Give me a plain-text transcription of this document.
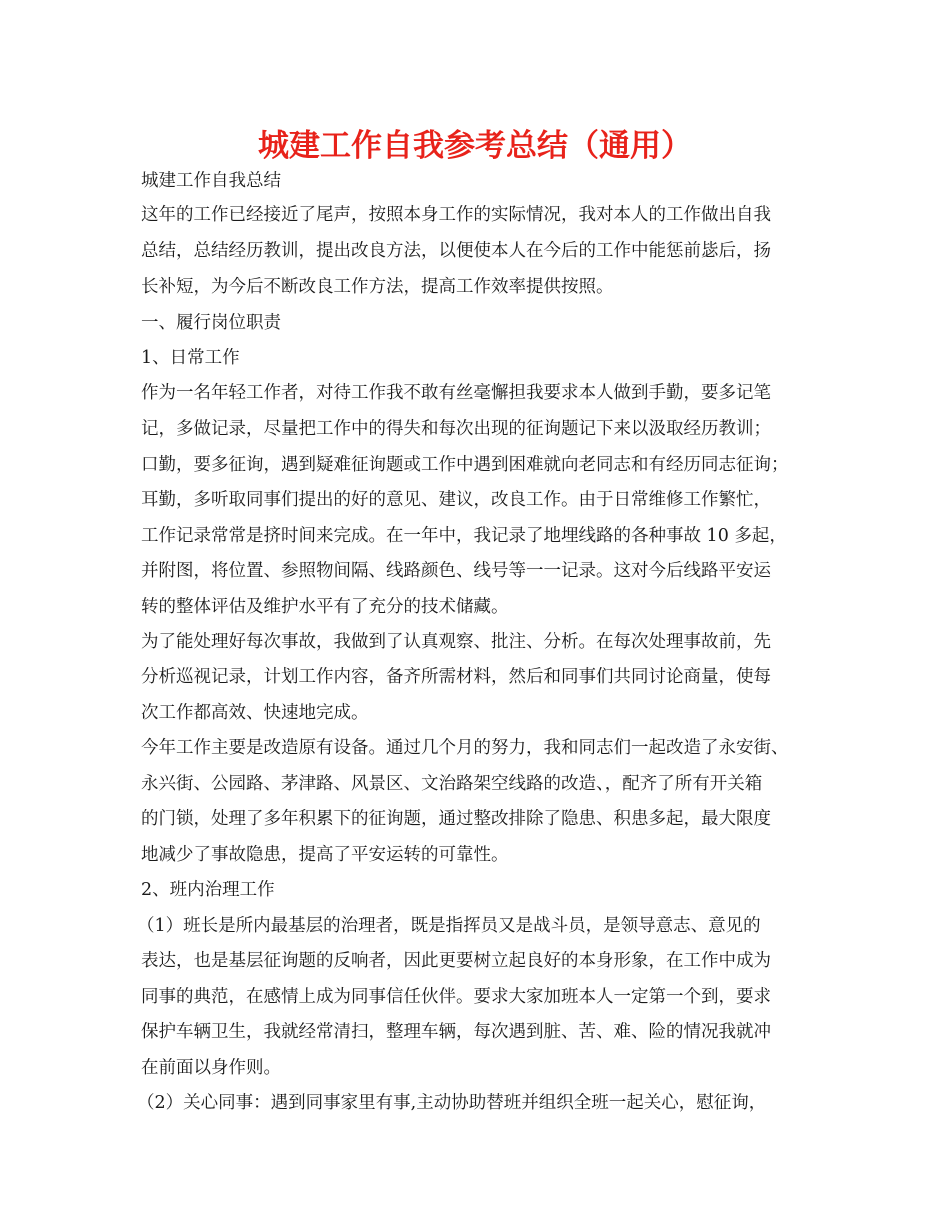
城建工作自我参考总结（通用）

城建工作自我总结

这年的工作已经接近了尾声，按照本身工作的实际情况，我对本人的工作做出自我

总结，总结经历教训，提出改良方法，以便使本人在今后的工作中能惩前毖后，扬

长补短，为今后不断改良工作方法，提高工作效率提供按照。

一、履行岗位职责

1、日常工作

作为一名年轻工作者，对待工作我不敢有丝毫懈担我要求本人做到手勤，要多记笔

记，多做记录，尽量把工作中的得失和每次出现的征询题记下来以汲取经历教训；

口勤，要多征询，遇到疑难征询题或工作中遇到困难就向老同志和有经历同志征询；

耳勤，多听取同事们提出的好的意见、建议，改良工作。由于日常维修工作繁忙，

工作记录常常是挤时间来完成。在一年中，我记录了地埋线路的各种事故 10 多起，

并附图，将位置、参照物间隔、线路颜色、线号等一一记录。这对今后线路平安运

转的整体评估及维护水平有了充分的技术储藏。

为了能处理好每次事故，我做到了认真观察、批注、分析。在每次处理事故前，先

分析巡视记录，计划工作内容，备齐所需材料，然后和同事们共同讨论商量，使每

次工作都高效、快速地完成。

今年工作主要是改造原有设备。通过几个月的努力，我和同志们一起改造了永安街、

永兴街、公园路、茅津路、风景区、文治路架空线路的改造、，配齐了所有开关箱

的门锁，处理了多年积累下的征询题，通过整改排除了隐患、积患多起，最大限度

地减少了事故隐患，提高了平安运转的可靠性。

2、班内治理工作

（1）班长是所内最基层的治理者，既是指挥员又是战斗员，是领导意志、意见的

表达，也是基层征询题的反响者，因此更要树立起良好的本身形象，在工作中成为

同事的典范，在感情上成为同事信任伙伴。要求大家加班本人一定第一个到，要求

保护车辆卫生，我就经常清扫，整理车辆，每次遇到脏、苦、难、险的情况我就冲

在前面以身作则。

（2）关心同事：遇到同事家里有事,主动协助替班并组织全班一起关心，慰征询，
